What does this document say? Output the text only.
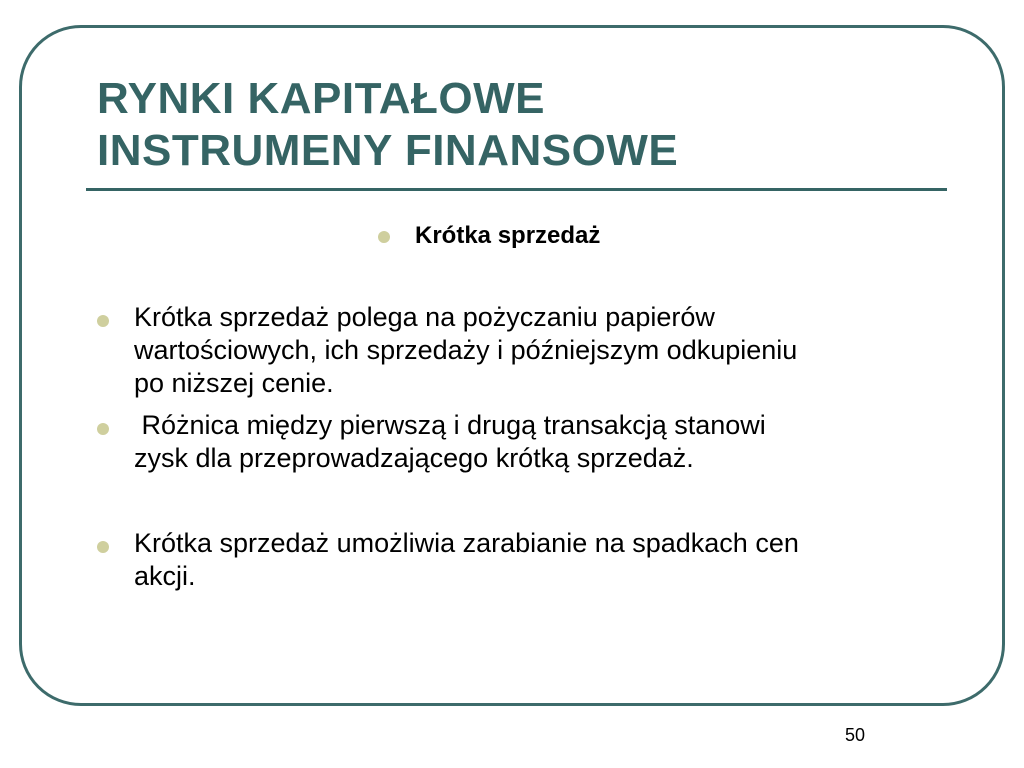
RYNKI KAPITAŁOWE
INSTRUMENY FINANSOWE
Krótka sprzedaż

Krótka sprzedaż polega na pożyczaniu papierów
wartościowych, ich sprzedaży i późniejszym odkupieniu
po niższej cenie.

Różnica między pierwszą i drugą transakcją stanowi
zysk dla przeprowadzającego krótką sprzedaż.

Krótka sprzedaż umożliwia zarabianie na spadkach cen
akcji.

50
